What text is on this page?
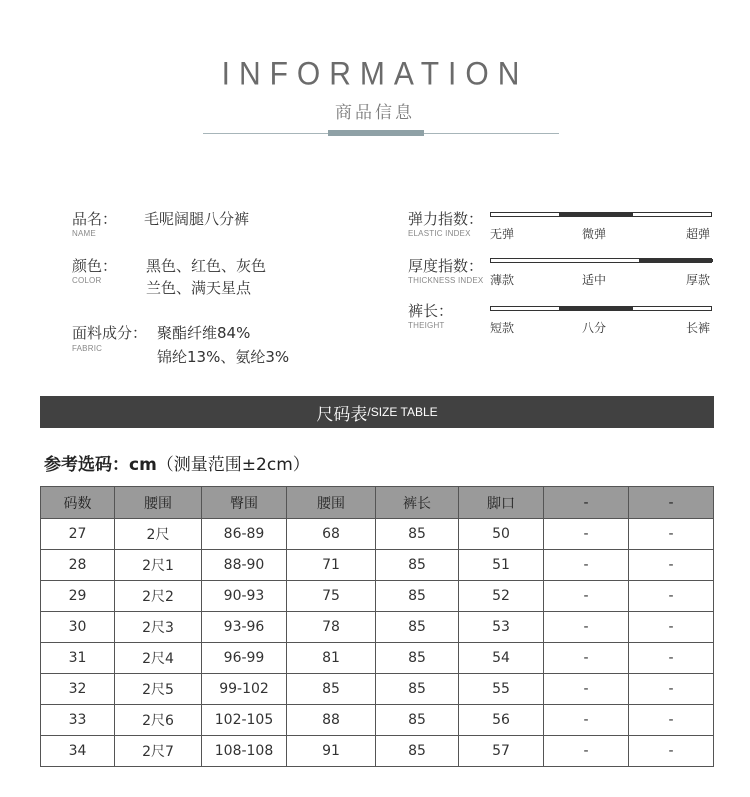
INFORMATION
商品信息
品名：
NAME
毛呢阔腿八分裤
颜色：
COLOR
黑色、红色、灰色
兰色、满天星点
面料成分：
FABRIC
聚酯纤维84%
锦纶13%、氨纶3%
弹力指数：
ELASTIC INDEX 无弹	微弹	超弹
厚度指数：
THICKNESS INDEX 薄款	适中	厚款
裤长：
THEIGHT	短款	八分	长裤
尺码表 /SIZE TABLE
参考选码：cm（测量范围±2cm）
码数	腰围	臀围	腰围	裤长	脚口	-	-
27	2尺	86-89	68	85	50	-	-
28	2尺1	88-90	71	85	51	-	-
29	2尺2	90-93	75	85	52	-	-
30	2尺3	93-96	78	85	53	-	-
31	2尺4	96-99	81	85	54	-	-
32	2尺5	99-102	85	85	55	-	-
33	2尺6	102-105	88	85	56	-	-
34	2尺7	108-108	91	85	57	-	-
